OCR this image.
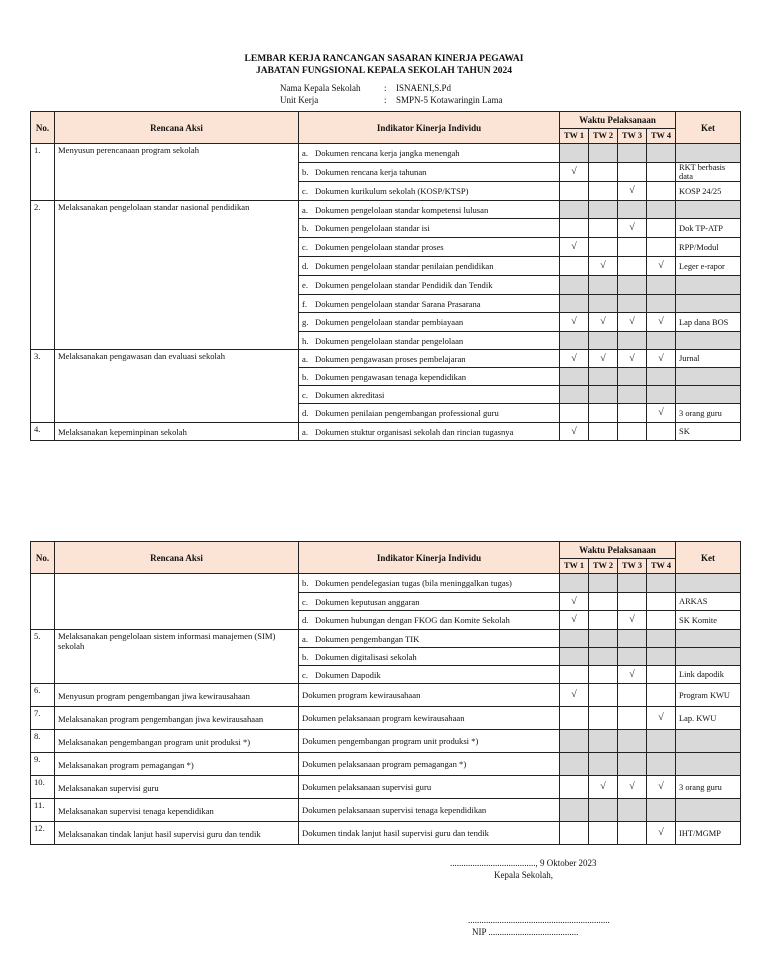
LEMBAR KERJA RANCANGAN SASARAN KINERJA PEGAWAI
JABATAN FUNGSIONAL KEPALA SEKOLAH TAHUN 2024
Nama Kepala Sekolah	: ISNAENI,S.Pd
Unit Kerja	: SMPN-5 Kotawaringin Lama
No.	Rencana Aksi	Indikator Kinerja Individu	Waktu Pelaksanaan				Ket
			TW 1	TW 2	TW 3	TW 4	
1.	Menyusun perencanaan program sekolah	a. Dokumen rencana kerja jangka menengah					
		b. Dokumen rencana kerja tahunan	√				RKT berbasis data
		c. Dokumen kurikulum sekolah (KOSP/KTSP)			√		KOSP 24/25
2.	Melaksanakan pengelolaan standar nasional pendidikan	a. Dokumen pengelolaan standar kompetensi lulusan					
		b. Dokumen pengelolaan standar isi			√		Dok TP-ATP
		c. Dokumen pengelolaan standar proses	√				RPP/Modul
		d. Dokumen pengelolaan standar penilaian pendidikan		√		√	Leger e-rapor
		e. Dokumen pengelolaan standar Pendidik dan Tendik					
		f. Dokumen pengelolaan standar Sarana Prasarana					
		g. Dokumen pengelolaan standar pembiayaan	√	√	√	√	Lap dana BOS
		h. Dokumen pengelolaan standar pengelolaan					
3.	Melaksanakan pengawasan dan evaluasi sekolah	a. Dokumen pengawasan proses pembelajaran	√	√	√	√	Jurnal
		b. Dokumen pengawasan tenaga kependidikan					
		c. Dokumen akreditasi					
		d. Dokumen penilaian pengembangan professional guru				√	3 orang guru
4.	Melaksanakan kepeminpinan sekolah	a. Dokumen stuktur organisasi sekolah dan rincian tugasnya	√				SK
No.	Rencana Aksi	Indikator Kinerja Individu	Waktu Pelaksanaan				Ket
			TW 1	TW 2	TW 3	TW 4	
		b. Dokumen pendelegasian tugas (bila meninggalkan tugas)					
		c. Dokumen keputusan anggaran	√				ARKAS
		d. Dokumen hubungan dengan FKOG dan Komite Sekolah	√		√		SK Komite
5.	Melaksanakan pengelolaan sistem informasi manajemen (SIM) sekolah	a. Dokumen pengembangan TIK					
		b. Dokumen digitalisasi sekolah					
		c. Dokumen Dapodik			√		Link dapodik
6.	Menyusun program pengembangan jiwa kewirausahaan	Dokumen program kewirausahaan	√				Program KWU
7.	Melaksanakan program pengembangan jiwa kewirausahaan	Dokumen pelaksanaan program kewirausahaan				√	Lap. KWU
8.	Melaksanakan pengembangan program unit produksi *)	Dokumen pengembangan program unit produksi *)					
9.	Melaksanakan program pemagangan *)	Dokumen pelaksanaan program pemagangan *)					
10.	Melaksanakan supervisi guru	Dokumen pelaksanaan supervisi guru		√	√	√	3 orang guru
11.	Melaksanakan supervisi tenaga kependidikan	Dokumen pelaksanaan supervisi tenaga kependidikan					
12.	Melaksanakan tindak lanjut hasil supervisi guru dan tendik	Dokumen tindak lanjut hasil supervisi guru dan tendik				√	IHT/MGMP
......................................, 9 Oktober 2023
Kepala Sekolah,
...............................................................
NIP ........................................
